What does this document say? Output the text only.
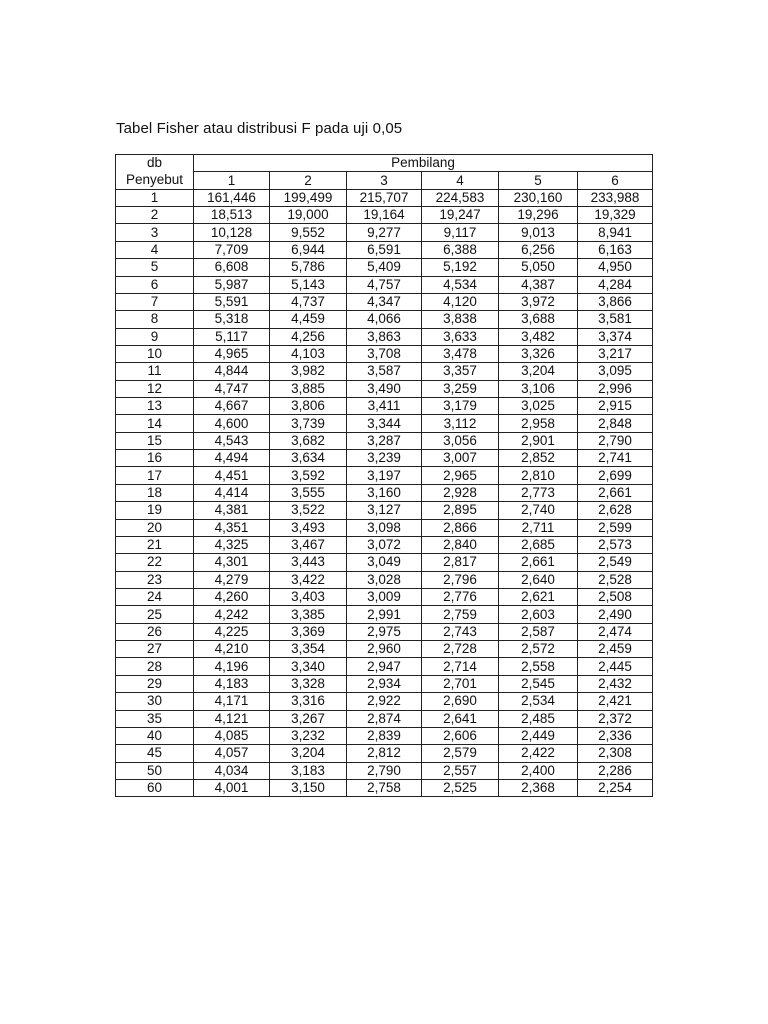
Tabel Fisher atau distribusi F pada uji 0,05
db	Pembilang					
Penyebut	1	2	3	4	5	6
1	161,446	199,499	215,707	224,583	230,160	233,988
2	18,513	19,000	19,164	19,247	19,296	19,329
3	10,128	9,552	9,277	9,117	9,013	8,941
4	7,709	6,944	6,591	6,388	6,256	6,163
5	6,608	5,786	5,409	5,192	5,050	4,950
6	5,987	5,143	4,757	4,534	4,387	4,284
7	5,591	4,737	4,347	4,120	3,972	3,866
8	5,318	4,459	4,066	3,838	3,688	3,581
9	5,117	4,256	3,863	3,633	3,482	3,374
10	4,965	4,103	3,708	3,478	3,326	3,217
11	4,844	3,982	3,587	3,357	3,204	3,095
12	4,747	3,885	3,490	3,259	3,106	2,996
13	4,667	3,806	3,411	3,179	3,025	2,915
14	4,600	3,739	3,344	3,112	2,958	2,848
15	4,543	3,682	3,287	3,056	2,901	2,790
16	4,494	3,634	3,239	3,007	2,852	2,741
17	4,451	3,592	3,197	2,965	2,810	2,699
18	4,414	3,555	3,160	2,928	2,773	2,661
19	4,381	3,522	3,127	2,895	2,740	2,628
20	4,351	3,493	3,098	2,866	2,711	2,599
21	4,325	3,467	3,072	2,840	2,685	2,573
22	4,301	3,443	3,049	2,817	2,661	2,549
23	4,279	3,422	3,028	2,796	2,640	2,528
24	4,260	3,403	3,009	2,776	2,621	2,508
25	4,242	3,385	2,991	2,759	2,603	2,490
26	4,225	3,369	2,975	2,743	2,587	2,474
27	4,210	3,354	2,960	2,728	2,572	2,459
28	4,196	3,340	2,947	2,714	2,558	2,445
29	4,183	3,328	2,934	2,701	2,545	2,432
30	4,171	3,316	2,922	2,690	2,534	2,421
35	4,121	3,267	2,874	2,641	2,485	2,372
40	4,085	3,232	2,839	2,606	2,449	2,336
45	4,057	3,204	2,812	2,579	2,422	2,308
50	4,034	3,183	2,790	2,557	2,400	2,286
60	4,001	3,150	2,758	2,525	2,368	2,254
